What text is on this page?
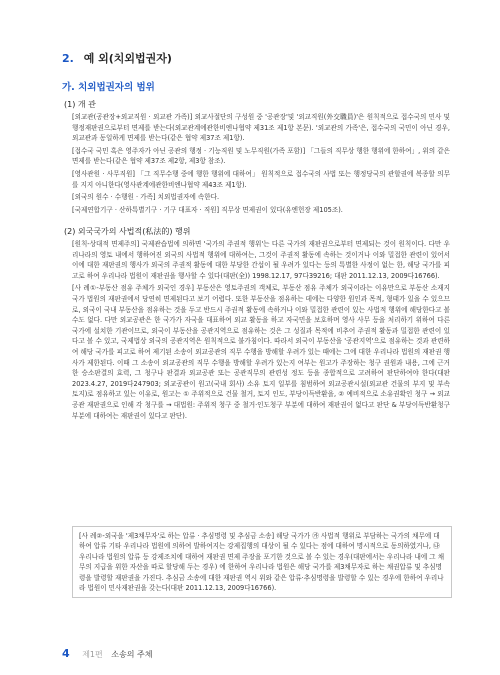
2. 예 외(치외법권자)
가. 치외법권자의 범위
(1) 개 관

[외교관(공관장+외교직원 · 외교관 가족)] 외교사절단의 구성원 중 '공관장'및 '외교직원(外交職員)'은 원칙적으로 접수국의 민사 및 행정재판권으로부터 면제를 받는다(외교관계에관한비엔나협약 제31조 제1항 본문). '외교관의 가족'은, 접수국의 국민이 아닌 경우, 외교관과 동일하게 면제를 받는다(같은 협약 제37조 제1항).

[접수국 국민 혹은 영주자가 아닌 공관의 행정 · 기능직원 및 노무직원(가족 포함)] 「그들의 직무상 행한 행위에 한하여」, 위의 같은 면제를 받는다(같은 협약 제37조 제2항, 제3항 참조).

[영사관원 · 사무직원] 「그 직무수행 중에 행한 행위에 대하여」 원칙적으로 접수국의 사법 또는 행정당국의 관할권에 복종할 의무를 지지 아니한다(영사관계에관한비엔나협약 제43조 제1항).

[외국의 원수 · 수행원 · 가족] 치외법권자에 속한다.

[국제연합기구 · 산하특별기구 · 기구 대표자 · 직원] 직무상 면제권이 있다(유엔헌장 제105조).

(2) 외국국가의 사법적(私法的) 행위

[원칙-상대적 면제주의] 국제관습법에 의하면 '국가의 주권적 행위'는 다른 국가의 재판권으로부터 면제되는 것이 원칙이다. 다만 우리나라의 영토 내에서 행하여진 외국의 사법적 행위에 대하여는, 그것이 주권적 활동에 속하는 것이거나 이와 밀접한 관련이 있어서 이에 대한 재판권의 행사가 외국의 주권적 활동에 대한 부당한 간섭이 될 우려가 있다는 등의 특별한 사정이 없는 한, 해당 국가를 피고로 하여 우리나라 법원이 재판권을 행사할 수 있다(대판(全)) 1998.12.17, 97다39216; 대판 2011.12.13, 2009다16766).

[사 례①-부동산 점유 주체가 외국인 경우] 부동산은 영토주권의 객체로, 부동산 점유 주체가 외국이라는 이유만으로 부동산 소재지 국가 법원의 재판권에서 당연히 면제된다고 보기 어렵다. 또한 부동산을 점유하는 데에는 다양한 원인과 목적, 형태가 있을 수 있으므로, 외국이 국내 부동산을 점유하는 것을 두고 반드시 주권적 활동에 속하거나 이와 밀접한 관련이 있는 사법적 행위에 해당한다고 볼 수도 없다. 다만 외교공관은 한 국가가 자국을 대표하여 외교 활동을 하고 자국민을 보호하며 영사 사무 등을 처리하기 위하여 다른 국가에 설치한 기관이므로, 외국이 부동산을 공관지역으로 점유하는 것은 그 성질과 목적에 비추어 주권적 활동과 밀접한 관련이 있다고 볼 수 있고, 국제법상 외국의 공관지역은 원칙적으로 불가침이다. 따라서 외국이 부동산을 '공관지역'으로 점유하는 것과 관련하여 해당 국가를 피고로 하여 제기된 소송이 외교공관의 직무 수행을 방해할 우려가 있는 때에는 그에 대한 우리나라 법원의 재판권 행사가 제한된다. 이때 그 소송이 외교공관의 직무 수행을 방해할 우려가 있는지 여부는 원고가 주장하는 청구 권원과 내용, 그에 근거한 승소판결의 효력, 그 청구나 판결과 외교공관 또는 공관직무의 관련성 정도 등을 종합적으로 고려하여 판단하여야 한다(대판 2023.4.27, 2019다247903; 외교공관이 원고(국내 회사) 소유 토지 일부를 침범하여 외교공관시설(외교관 건물의 부지 및 부속 토지)로 점유하고 있는 이유로, 원고는 ① 주위적으로 건물 철거, 토지 인도, 부당이득반환을, ② 예비적으로 소유권확인 청구 → 외교공관 재판권으로 인해 각 청구를 → 대법원: 주위적 청구 중 철거·인도청구 부분에 대하여 재판권이 없다고 판단 & 부당이득반환청구 부분에 대하여는 재판권이 있다고 판단).

[사 례②-외국을 '제3채무자'로 하는 압류 · 추심명령 및 추심금 소송] 해당 국가가 ㉮ 사법적 행위로 부담하는 국가의 채무에 대하여 압류 기타 우리나라 법원에 의하여 발하여지는 강제집행의 대상이 될 수 있다는 점에 대하여 명시적으로 동의하였거나, ㉯ 우리나라 법원의 압류 등 강제조치에 대하여 재판권 면제 주장을 포기한 것으로 볼 수 있는 경우(대판에서는 우리나라 내에 그 채무의 지급을 위한 자산을 따로 할당해 두는 경우) 에 한하여 우리나라 법원은 해당 국가를 제3채무자로 하는 채권압류 및 추심명령을 발령할 재판권을 가진다. 추심금 소송에 대한 재판권 역시 위와 같은 압류·추심명령을 발령할 수 있는 경우에 한하여 우리나라 법원이 민사재판권을 갖는다(대판 2011.12.13, 2009다16766).
4 제1편 소송의 주체
